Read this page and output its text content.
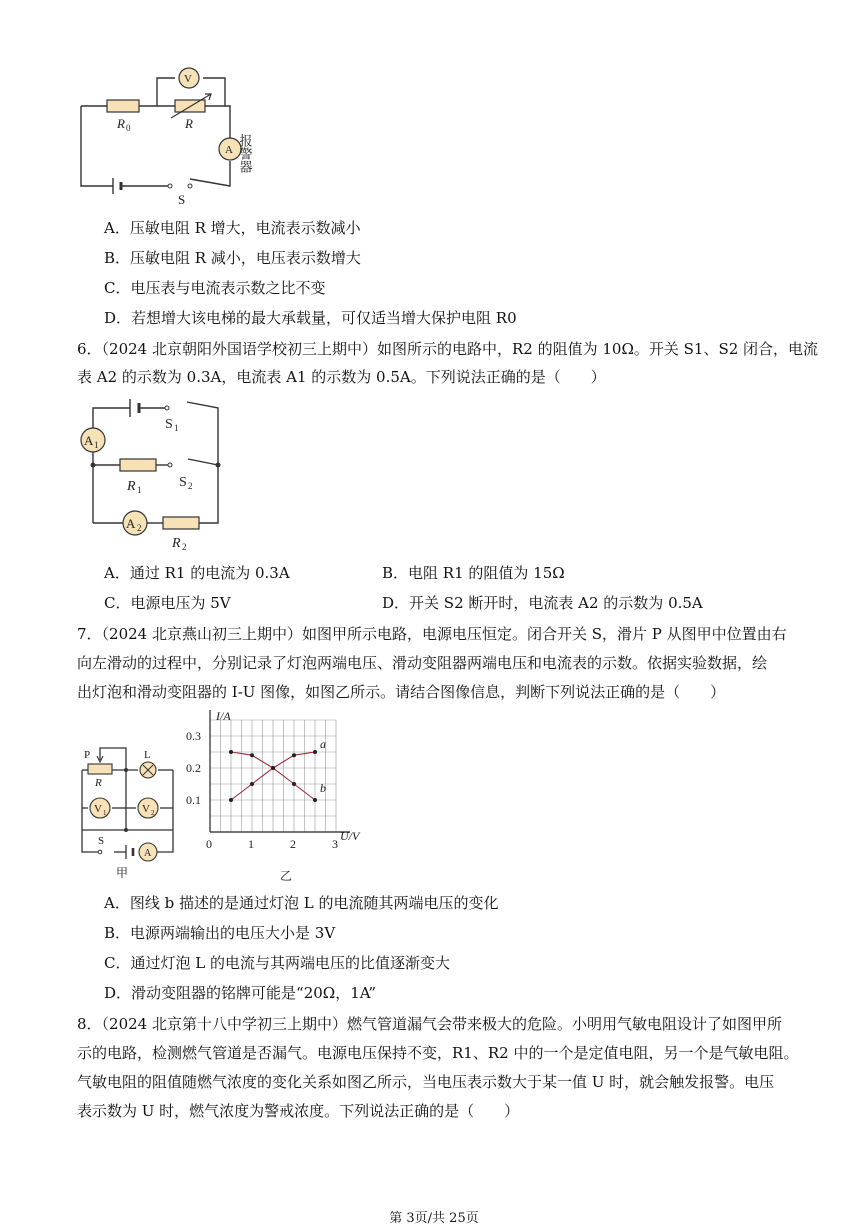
R 0	R
V
A
S
报警器
A．压敏电阻 R 增大，电流表示数减小
B．压敏电阻 R 减小，电压表示数增大
C．电压表与电流表示数之比不变
D．若想增大该电梯的最大承载量，可仅适当增大保护电阻 R0
6．（2024 北京朝阳外国语学校初三上期中）如图所示的电路中，R2 的阻值为 10Ω。开关 S1、S2 闭合，电流
表 A2 的示数为 0.3A，电流表 A1 的示数为 0.5A。下列说法正确的是（　　）
A 1
S 1
R 1	S 2
A 2
R 2
A．通过 R1 的电流为 0.3A	B．电阻 R1 的阻值为 15Ω
C．电源电压为 5V	D．开关 S2 断开时，电流表 A2 的示数为 0.5A
7．（2024 北京燕山初三上期中）如图甲所示电路，电源电压恒定。闭合开关 S，滑片 P 从图甲中位置由右
向左滑动的过程中，分别记录了灯泡两端电压、滑动变阻器两端电压和电流表的示数。依据实验数据，绘
出灯泡和滑动变阻器的 I-U 图像，如图乙所示。请结合图像信息，判断下列说法正确的是（　　）
P	L
R
V 1	V 2
S
A
甲
0	1	2	3
0.1
0.2
0.3
a
b
I/A
U/V
乙
A．图线 b 描述的是通过灯泡 L 的电流随其两端电压的变化
B．电源两端输出的电压大小是 3V
C．通过灯泡 L 的电流与其两端电压的比值逐渐变大
D．滑动变阻器的铭牌可能是“20Ω，1A”
8．（2024 北京第十八中学初三上期中）燃气管道漏气会带来极大的危险。小明用气敏电阻设计了如图甲所
示的电路，检测燃气管道是否漏气。电源电压保持不变，R1、R2 中的一个是定值电阻，另一个是气敏电阻。
气敏电阻的阻值随燃气浓度的变化关系如图乙所示，当电压表示数大于某一值 U 时，就会触发报警。电压
表示数为 U 时，燃气浓度为警戒浓度。下列说法正确的是（　　）
第 3页/共 25页
